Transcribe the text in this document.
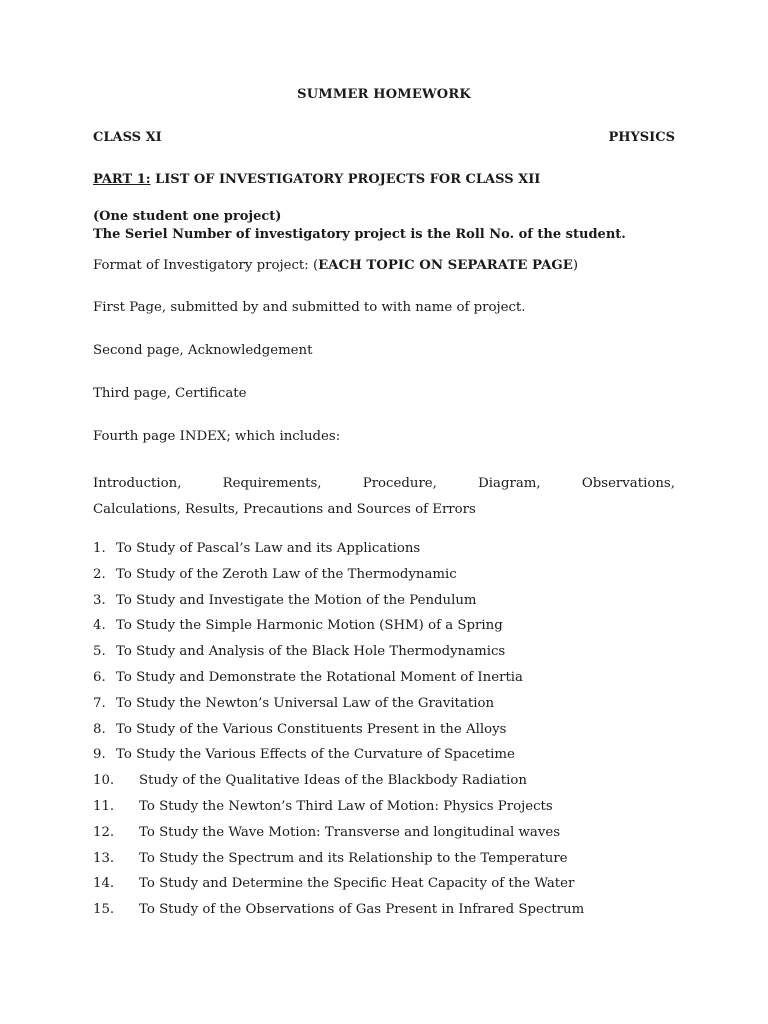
SUMMER HOMEWORK
CLASS XI	PHYSICS
PART 1: LIST OF INVESTIGATORY PROJECTS FOR CLASS XII
(One student one project)
The Seriel Number of investigatory project is the Roll No. of the student.
Format of Investigatory project: (EACH TOPIC ON SEPARATE PAGE)
First Page, submitted by and submitted to with name of project.
Second page, Acknowledgement
Third page, Certificate
Fourth page INDEX; which includes:
Introduction,	Requirements,	Procedure,	Diagram,	Observations,
Calculations, Results, Precautions and Sources of Errors
1. To Study of Pascal’s Law and its Applications
2. To Study of the Zeroth Law of the Thermodynamic
3. To Study and Investigate the Motion of the Pendulum
4. To Study the Simple Harmonic Motion (SHM) of a Spring
5. To Study and Analysis of the Black Hole Thermodynamics
6. To Study and Demonstrate the Rotational Moment of Inertia
7. To Study the Newton’s Universal Law of the Gravitation
8. To Study of the Various Constituents Present in the Alloys
9. To Study the Various Effects of the Curvature of Spacetime
10. Study of the Qualitative Ideas of the Blackbody Radiation
11. To Study the Newton’s Third Law of Motion: Physics Projects
12. To Study the Wave Motion: Transverse and longitudinal waves
13. To Study the Spectrum and its Relationship to the Temperature
14. To Study and Determine the Specific Heat Capacity of the Water
15. To Study of the Observations of Gas Present in Infrared Spectrum
